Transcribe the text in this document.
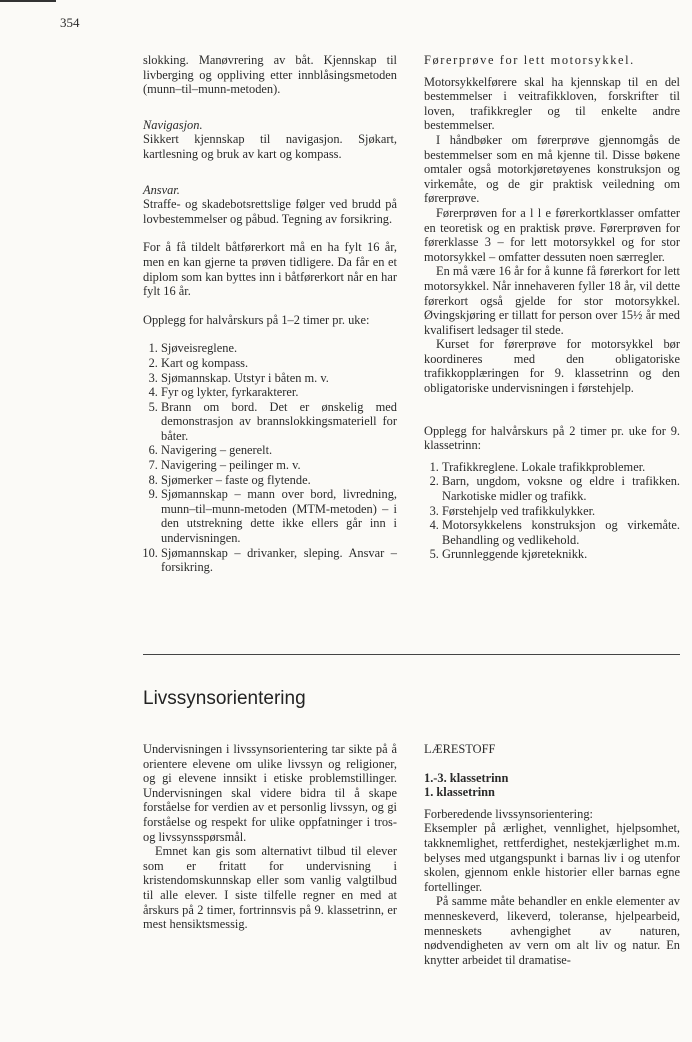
354

slokking. Manøvrering av båt. Kjennskap til livberging og oppliving etter innblåsingsmetoden (munn–til–munn-metoden).

Navigasjon.

Sikkert kjennskap til navigasjon. Sjøkart, kartlesning og bruk av kart og kompass.

Ansvar.

Straffe- og skadebotsrettslige følger ved brudd på lovbestemmelser og påbud. Tegning av forsikring.

For å få tildelt båtførerkort må en ha fylt 16 år, men en kan gjerne ta prøven tidligere. Da får en et diplom som kan byttes inn i båtførerkort når en har fylt 16 år.

Opplegg for halvårskurs på 1–2 timer pr. uke:

1. Sjøveisreglene.
2. Kart og kompass.
3. Sjømannskap. Utstyr i båten m. v.
4. Fyr og lykter, fyrkarakterer.
5. Brann om bord. Det er ønskelig med demonstrasjon av brannslokkingsmateriell for båter.
6. Navigering – generelt.
7. Navigering – peilinger m. v.
8. Sjømerker – faste og flytende.
9. Sjømannskap – mann over bord, livredning, munn–til–munn-metoden (MTM-metoden) – i den utstrekning dette ikke ellers går inn i undervisningen.
10. Sjømannskap – drivanker, sleping. Ansvar – forsikring.

Førerprøve for lett motorsykkel.

Motorsykkelførere skal ha kjennskap til en del bestemmelser i veitrafikkloven, forskrifter til loven, trafikkregler og til enkelte andre bestemmelser.

I håndbøker om førerprøve gjennomgås de bestemmelser som en må kjenne til. Disse bøkene omtaler også motorkjøretøyenes konstruksjon og virkemåte, og de gir praktisk veiledning om førerprøve.

Førerprøven for a l l e førerkortklasser omfatter en teoretisk og en praktisk prøve. Førerprøven for førerklasse 3 – for lett motorsykkel og for stor motorsykkel – omfatter dessuten noen særregler.

En må være 16 år for å kunne få førerkort for lett motorsykkel. Når innehaveren fyller 18 år, vil dette førerkort også gjelde for stor motorsykkel. Øvingskjøring er tillatt for person over 15½ år med kvalifisert ledsager til stede.

Kurset for førerprøve for motorsykkel bør koordineres med den obligatoriske trafikkopplæringen for 9. klassetrinn og den obligatoriske undervisningen i førstehjelp.

Opplegg for halvårskurs på 2 timer pr. uke for 9. klassetrinn:

1. Trafikkreglene. Lokale trafikkproblemer.
2. Barn, ungdom, voksne og eldre i trafikken. Narkotiske midler og trafikk.
3. Førstehjelp ved trafikkulykker.
4. Motorsykkelens konstruksjon og virkemåte. Behandling og vedlikehold.
5. Grunnleggende kjøreteknikk.
Livssynsorientering

Undervisningen i livssynsorientering tar sikte på å orientere elevene om ulike livssyn og religioner, og gi elevene innsikt i etiske problemstillinger. Undervisningen skal videre bidra til å skape forståelse for verdien av et personlig livssyn, og gi forståelse og respekt for ulike oppfatninger i tros- og livssynsspørsmål.

Emnet kan gis som alternativt tilbud til elever som er fritatt for undervisning i kristendomskunnskap eller som vanlig valgtilbud til alle elever. I siste tilfelle regner en med at årskurs på 2 timer, fortrinnsvis på 9. klassetrinn, er mest hensiktsmessig.

LÆRESTOFF

1.-3. klassetrinn

1. klassetrinn

Forberedende livssynsorientering:

Eksempler på ærlighet, vennlighet, hjelpsomhet, takknemlighet, rettferdighet, nestekjærlighet m.m. belyses med utgangspunkt i barnas liv i og utenfor skolen, gjennom enkle historier eller barnas egne fortellinger.

På samme måte behandler en enkle elementer av menneskeverd, likeverd, toleranse, hjelpearbeid, menneskets avhengighet av naturen, nødvendigheten av vern om alt liv og natur. En knytter arbeidet til dramatise-
